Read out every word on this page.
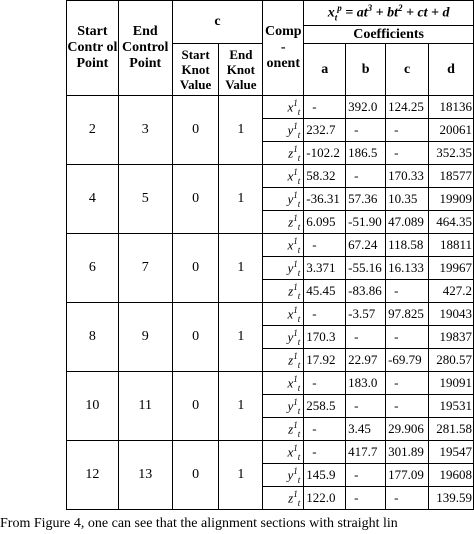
Start Contr ol Point	End Control Point	c		Comp - onent	$x_t^p = at^3 + bt^2$ + ct + d			
					Coefficients			
		Start Knot Value	End Knot Value		a	b	c	d
2	3	0	1	$x^1_t$	-	392.0	124.25	18136
				$y^1_t$	232.7	-	-	20061
				$z^1_t$	-102.2	186.5	-	352.35
4	5	0	1	$x^1_t$	58.32	-	170.33	18577
				$y^1_t$	-36.31	57.36	10.35	19909
				$z^1_t$	6.095	-51.90	47.089	464.35
6	7	0	1	$x^1_t$	-	67.24	118.58	18811
				$y^1_t$	3.371	-55.16	16.133	19967
				$z^1_t$	45.45	-83.86	-	427.2
8	9	0	1	$x^1_t$	-	-3.57	97.825	19043
				$y^1_t$	170.3	-	-	19837
				$z^1_t$	17.92	22.97	-69.79	280.57
10	11	0	1	$x^1_t$	-	183.0	-	19091
				$y^1_t$	258.5	-	-	19531
				$z^1_t$	-	3.45	29.906	281.58
12	13	0	1	$x^1_t$	-	417.7	301.89	19547
				$y^1_t$	145.9	-	177.09	19608
				$z^1_t$	122.0	-	-	139.59
From Figure 4, one can see that the alignment sections with straight lin
